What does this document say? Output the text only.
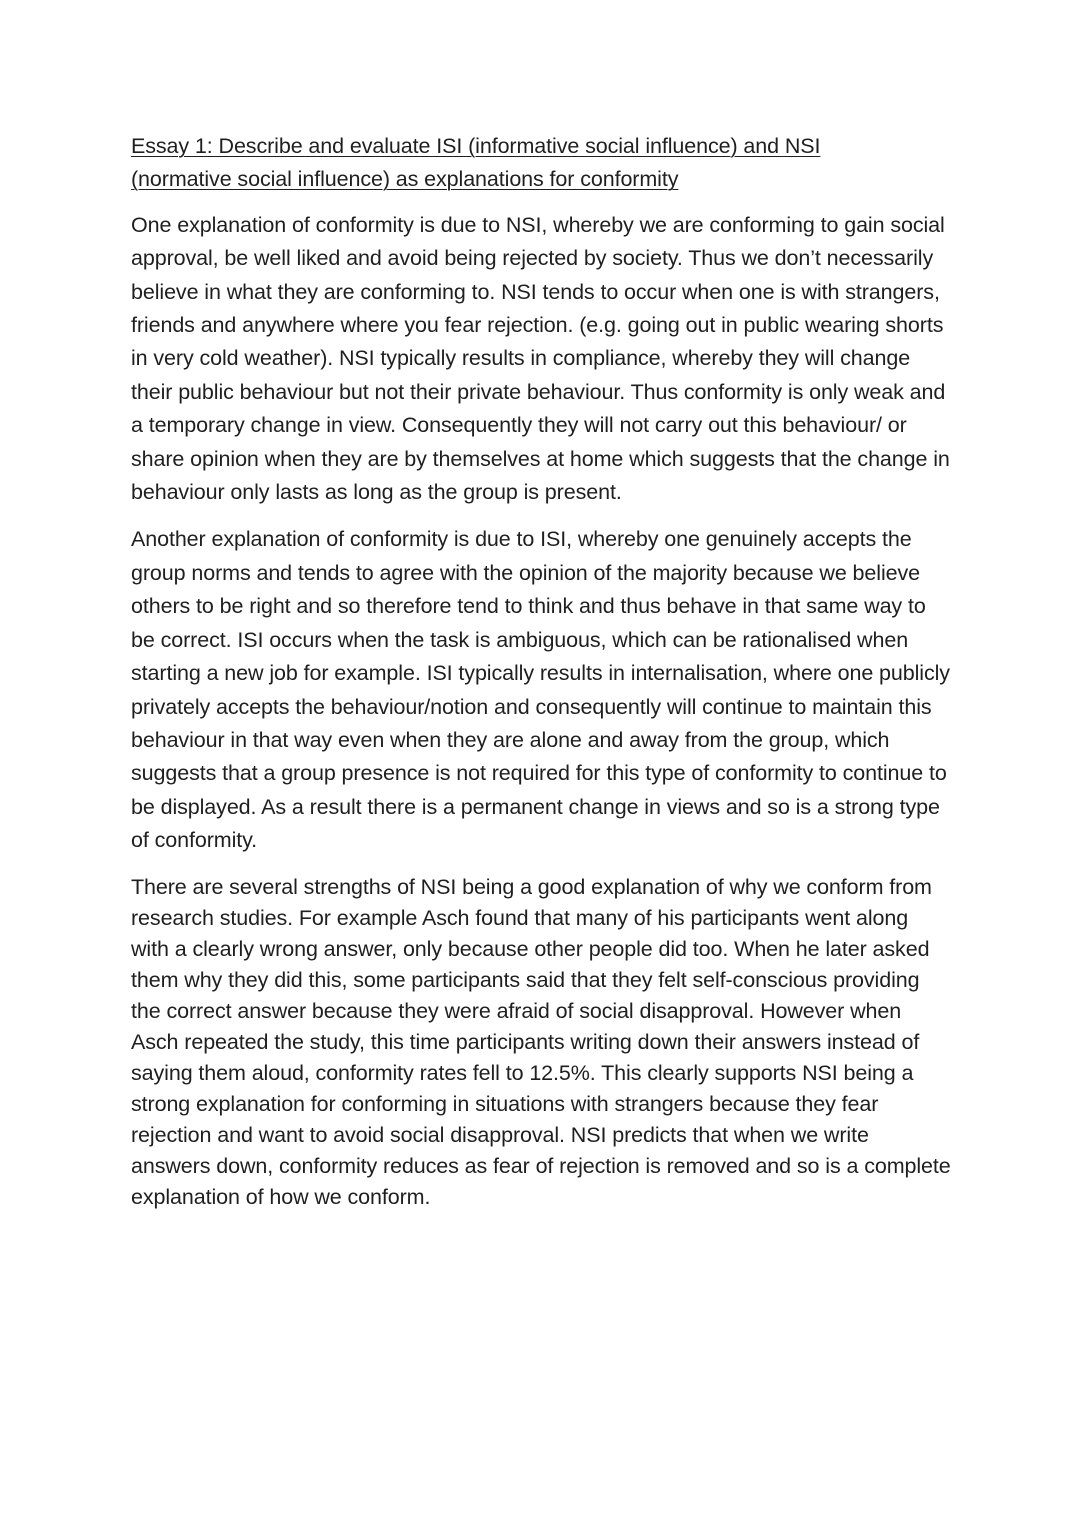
Essay 1: Describe and evaluate ISI (informative social influence) and NSI (normative social influence) as explanations for conformity

One explanation of conformity is due to NSI, whereby we are conforming to gain social approval, be well liked and avoid being rejected by society. Thus we don’t necessarily believe in what they are conforming to. NSI tends to occur when one is with strangers, friends and anywhere where you fear rejection. (e.g. going out in public wearing shorts in very cold weather). NSI typically results in compliance, whereby they will change their public behaviour but not their private behaviour. Thus conformity is only weak and a temporary change in view. Consequently they will not carry out this behaviour/ or share opinion when they are by themselves at home which suggests that the change in behaviour only lasts as long as the group is present.

Another explanation of conformity is due to ISI, whereby one genuinely accepts the group norms and tends to agree with the opinion of the majority because we believe others to be right and so therefore tend to think and thus behave in that same way to be correct. ISI occurs when the task is ambiguous, which can be rationalised when starting a new job for example. ISI typically results in internalisation, where one publicly privately accepts the behaviour/notion and consequently will continue to maintain this behaviour in that way even when they are alone and away from the group, which suggests that a group presence is not required for this type of conformity to continue to be displayed. As a result there is a permanent change in views and so is a strong type of conformity.

There are several strengths of NSI being a good explanation of why we conform from research studies. For example Asch found that many of his participants went along with a clearly wrong answer, only because other people did too. When he later asked them why they did this, some participants said that they felt self-conscious providing the correct answer because they were afraid of social disapproval. However when Asch repeated the study, this time participants writing down their answers instead of saying them aloud, conformity rates fell to 12.5%. This clearly supports NSI being a strong explanation for conforming in situations with strangers because they fear rejection and want to avoid social disapproval. NSI predicts that when we write answers down, conformity reduces as fear of rejection is removed and so is a complete explanation of how we conform.
